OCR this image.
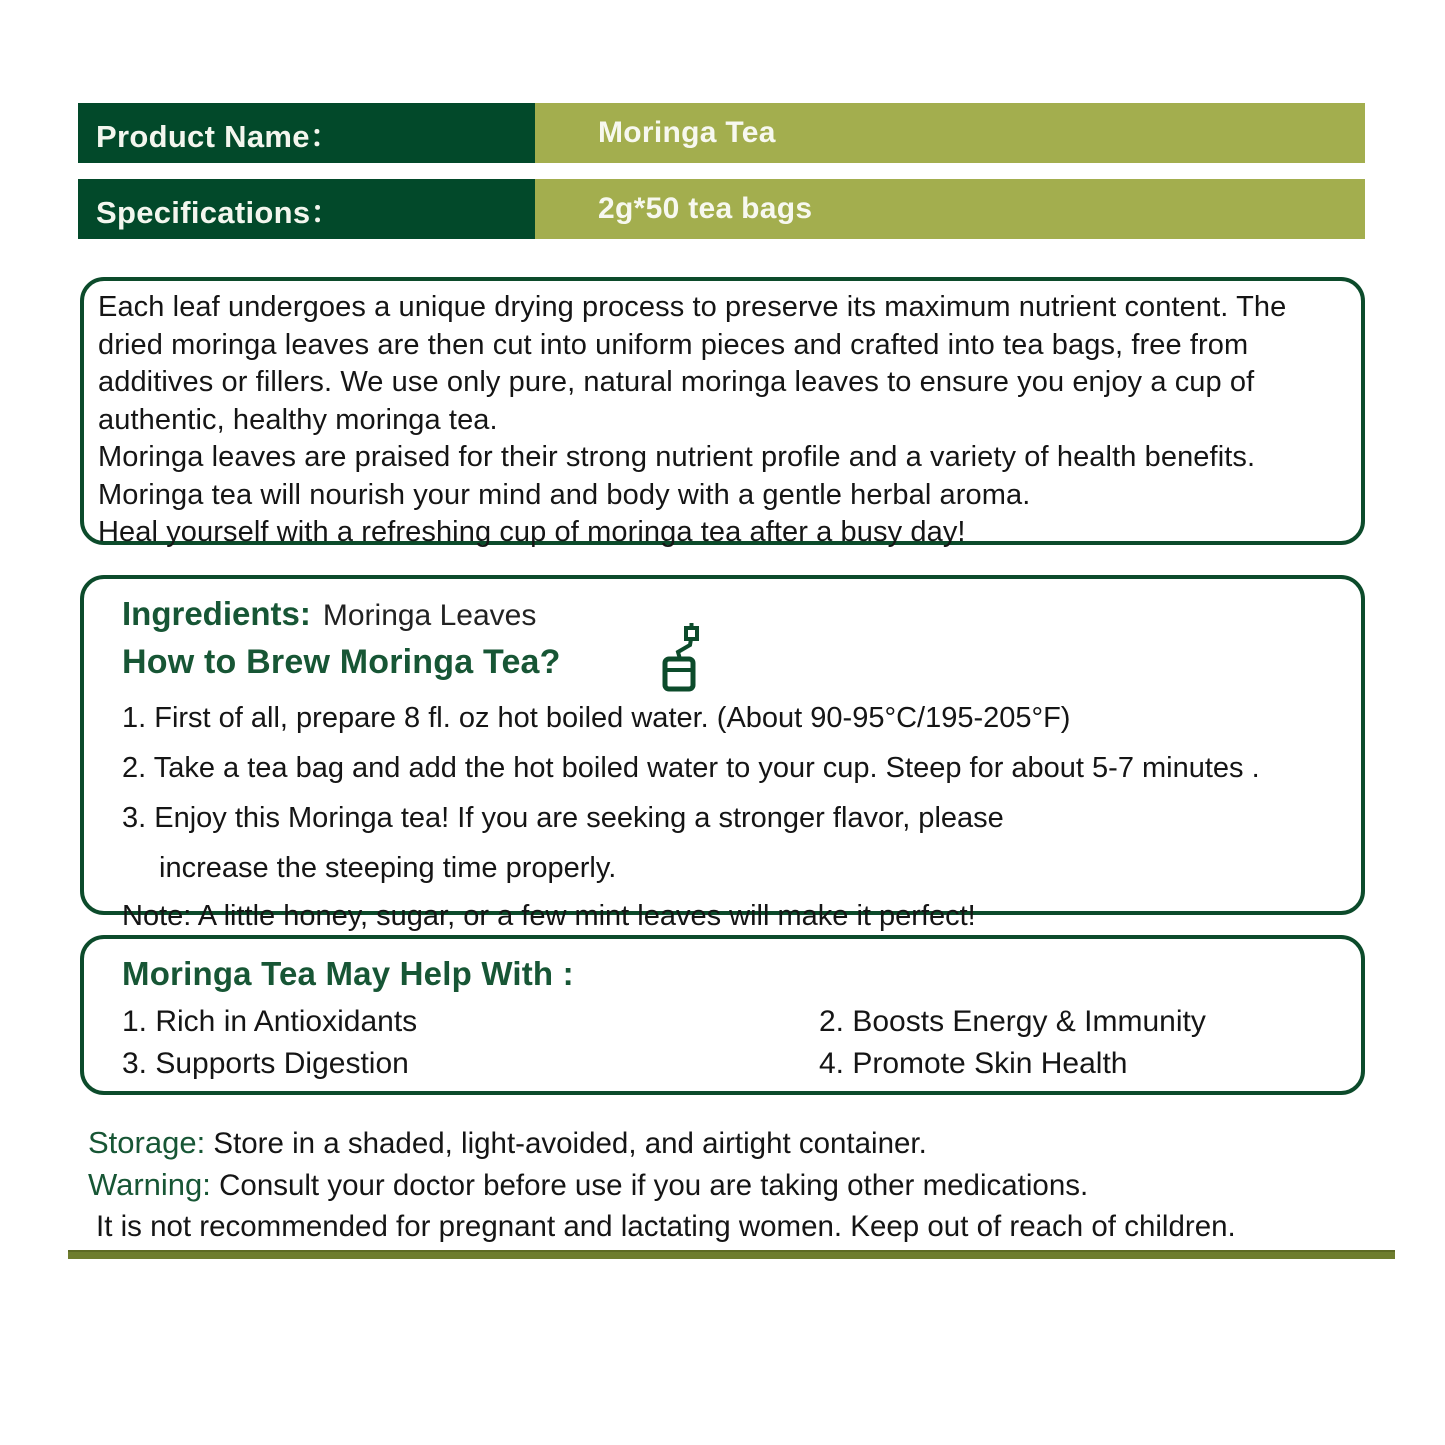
Product Name：	Moringa Tea
Specifications：	2g*50 tea bags

Each leaf undergoes a unique drying process to preserve its maximum nutrient content. The dried moringa leaves are then cut into uniform pieces and crafted into tea bags, free from additives or fillers. We use only pure, natural moringa leaves to ensure you enjoy a cup of authentic, healthy moringa tea.

Moringa leaves are praised for their strong nutrient profile and a variety of health benefits. Moringa tea will nourish your mind and body with a gentle herbal aroma.

Heal yourself with a refreshing cup of moringa tea after a busy day!

Ingredients: Moringa Leaves
How to Brew Moringa Tea?
1. First of all, prepare 8 fl. oz hot boiled water. (About 90-95°C/195-205°F)
2. Take a tea bag and add the hot boiled water to your cup. Steep for about 5-7 minutes .
3. Enjoy this Moringa tea! If you are seeking a stronger flavor, please
increase the steeping time properly.
Note: A little honey, sugar, or a few mint leaves will make it perfect!
Moringa Tea May Help With :
1. Rich in Antioxidants	2. Boosts Energy & Immunity
3. Supports Digestion	4. Promote Skin Health
Storage: Store in a shaded, light-avoided, and airtight container.
Warning: Consult your doctor before use if you are taking other medications.
It is not recommended for pregnant and lactating women. Keep out of reach of children.
